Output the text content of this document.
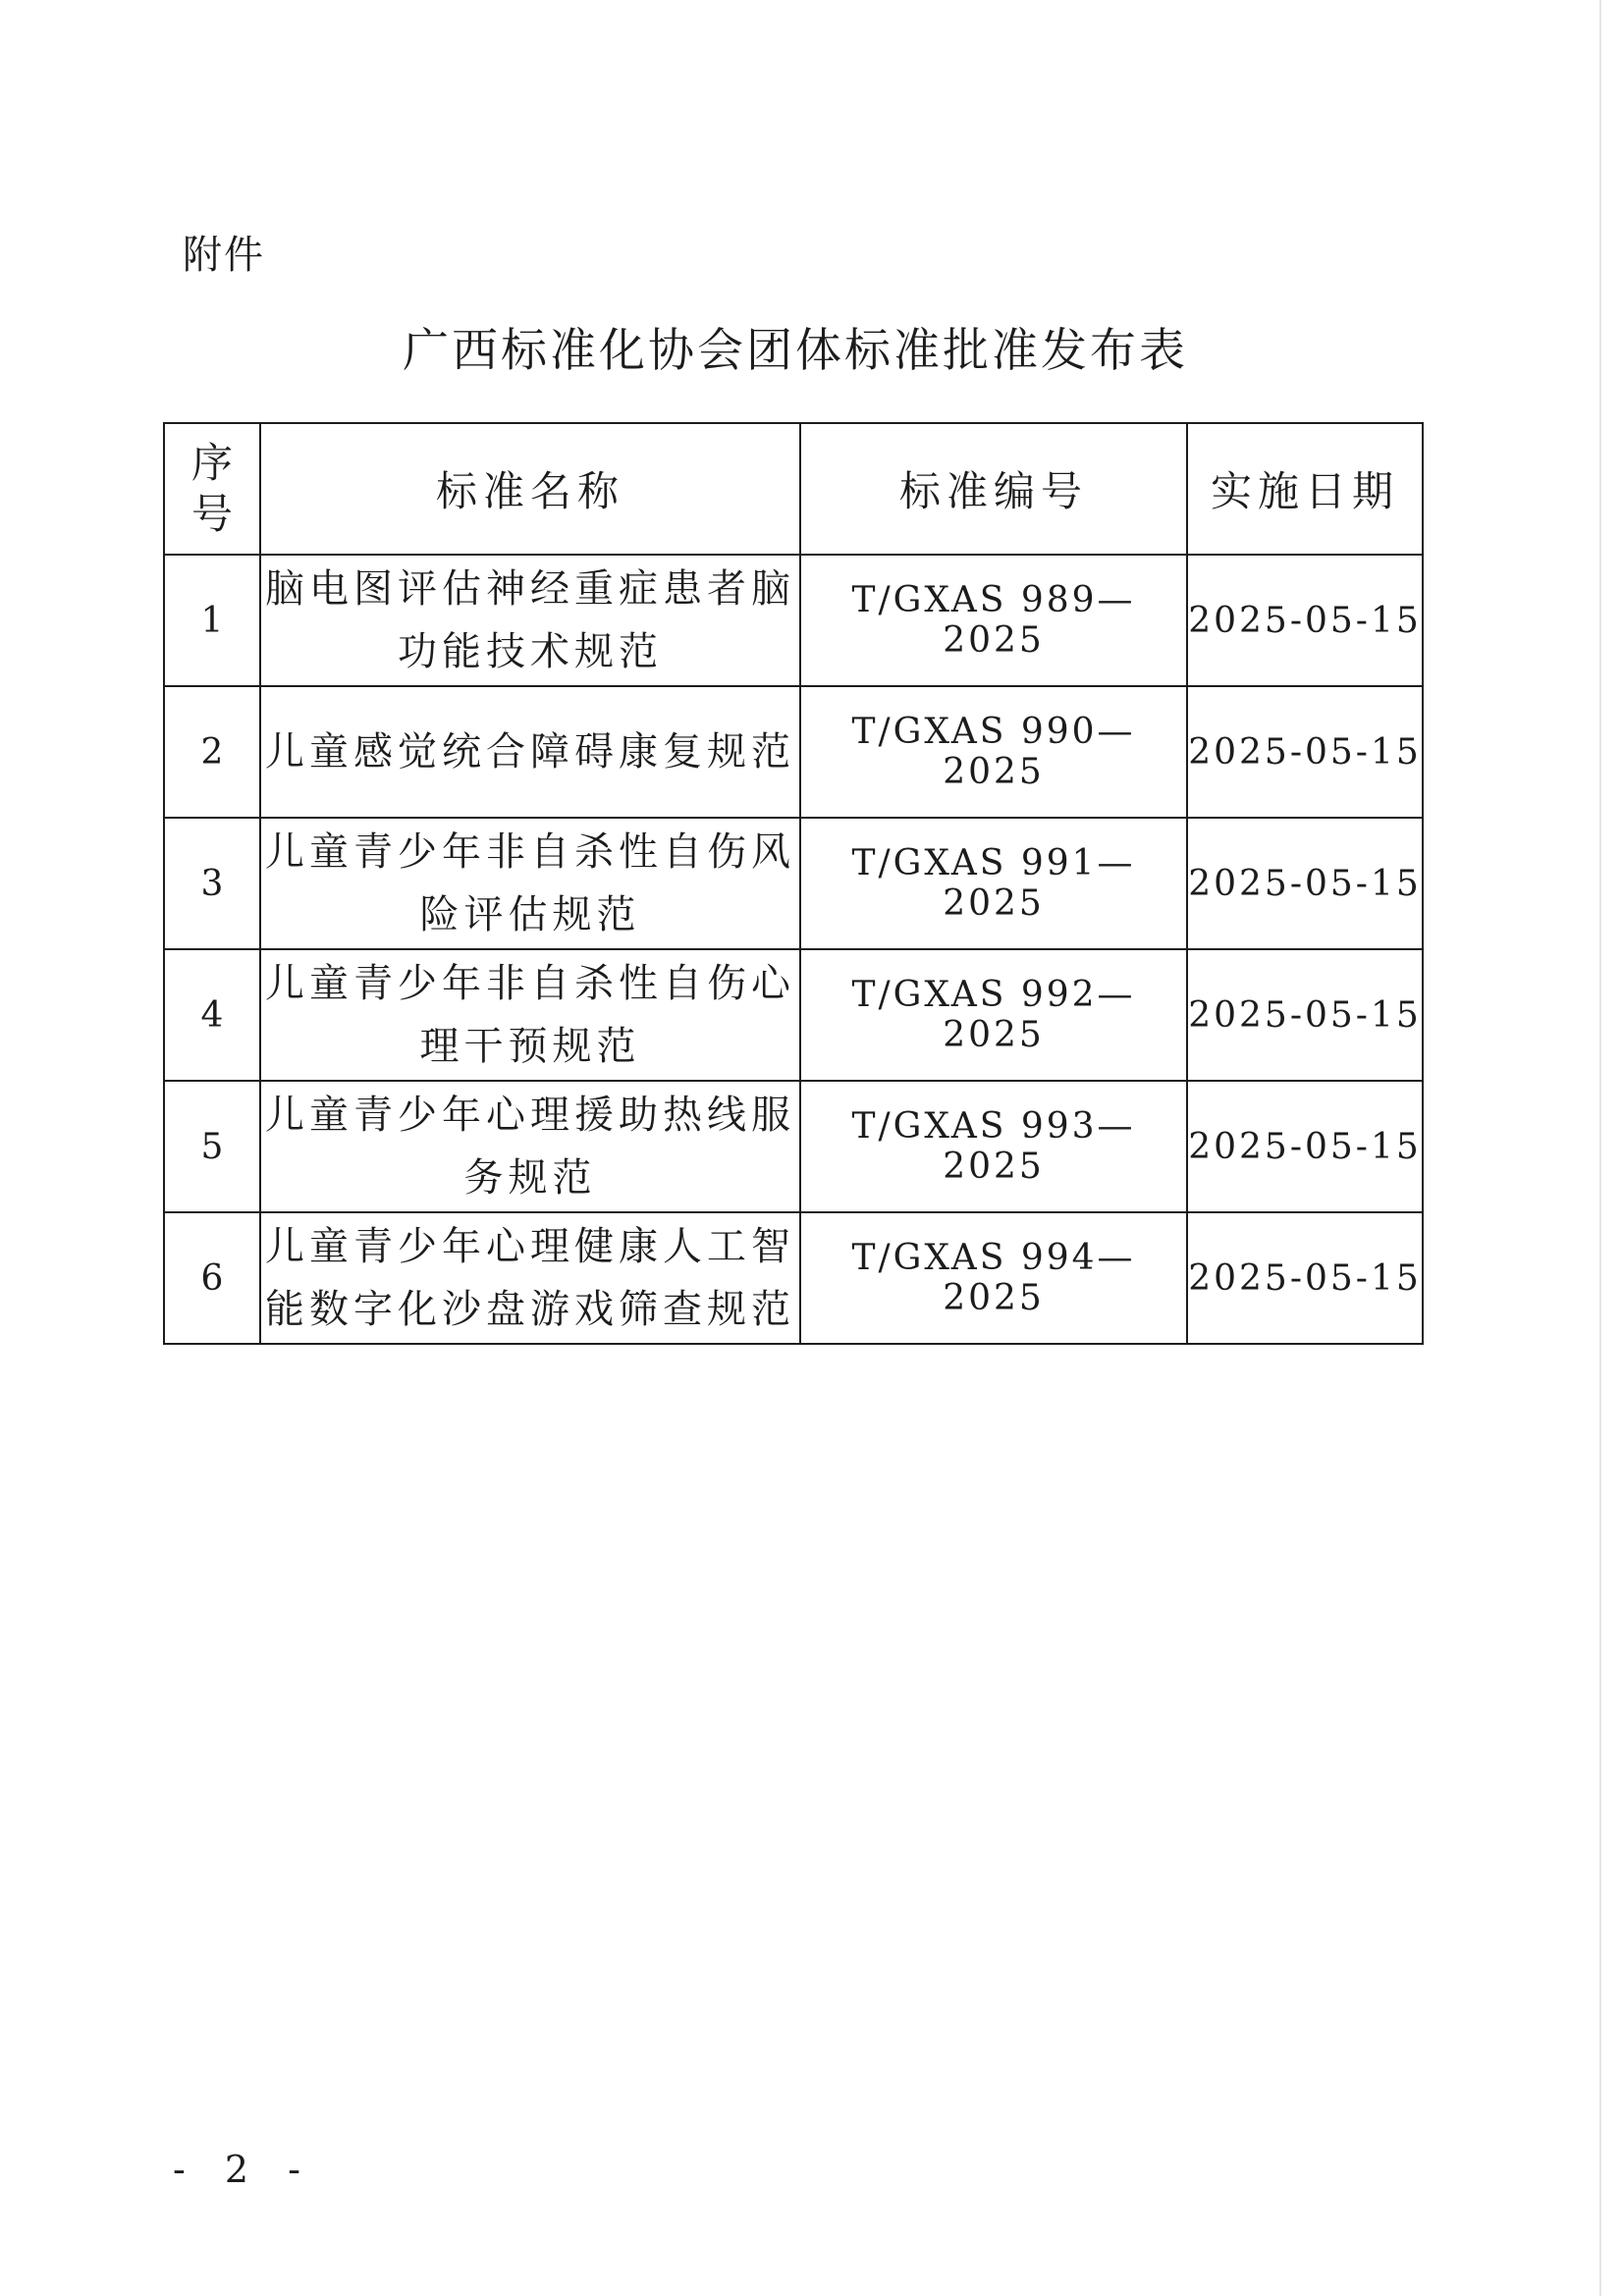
附件
广西标准化协会团体标准批准发布表
序号	标准名称	标准编号	实施日期
1	脑电图评估神经重症患者脑功能技术规范	T/GXAS 989—2025	2025-05-15
2	儿童感觉统合障碍康复规范	T/GXAS 990—2025	2025-05-15
3	儿童青少年非自杀性自伤风险评估规范	T/GXAS 991—2025	2025-05-15
4	儿童青少年非自杀性自伤心理干预规范	T/GXAS 992—2025	2025-05-15
5	儿童青少年心理援助热线服务规范	T/GXAS 993—2025	2025-05-15
6	儿童青少年心理健康人工智能数字化沙盘游戏筛查规范	T/GXAS 994—2025	2025-05-15
- 2 -
